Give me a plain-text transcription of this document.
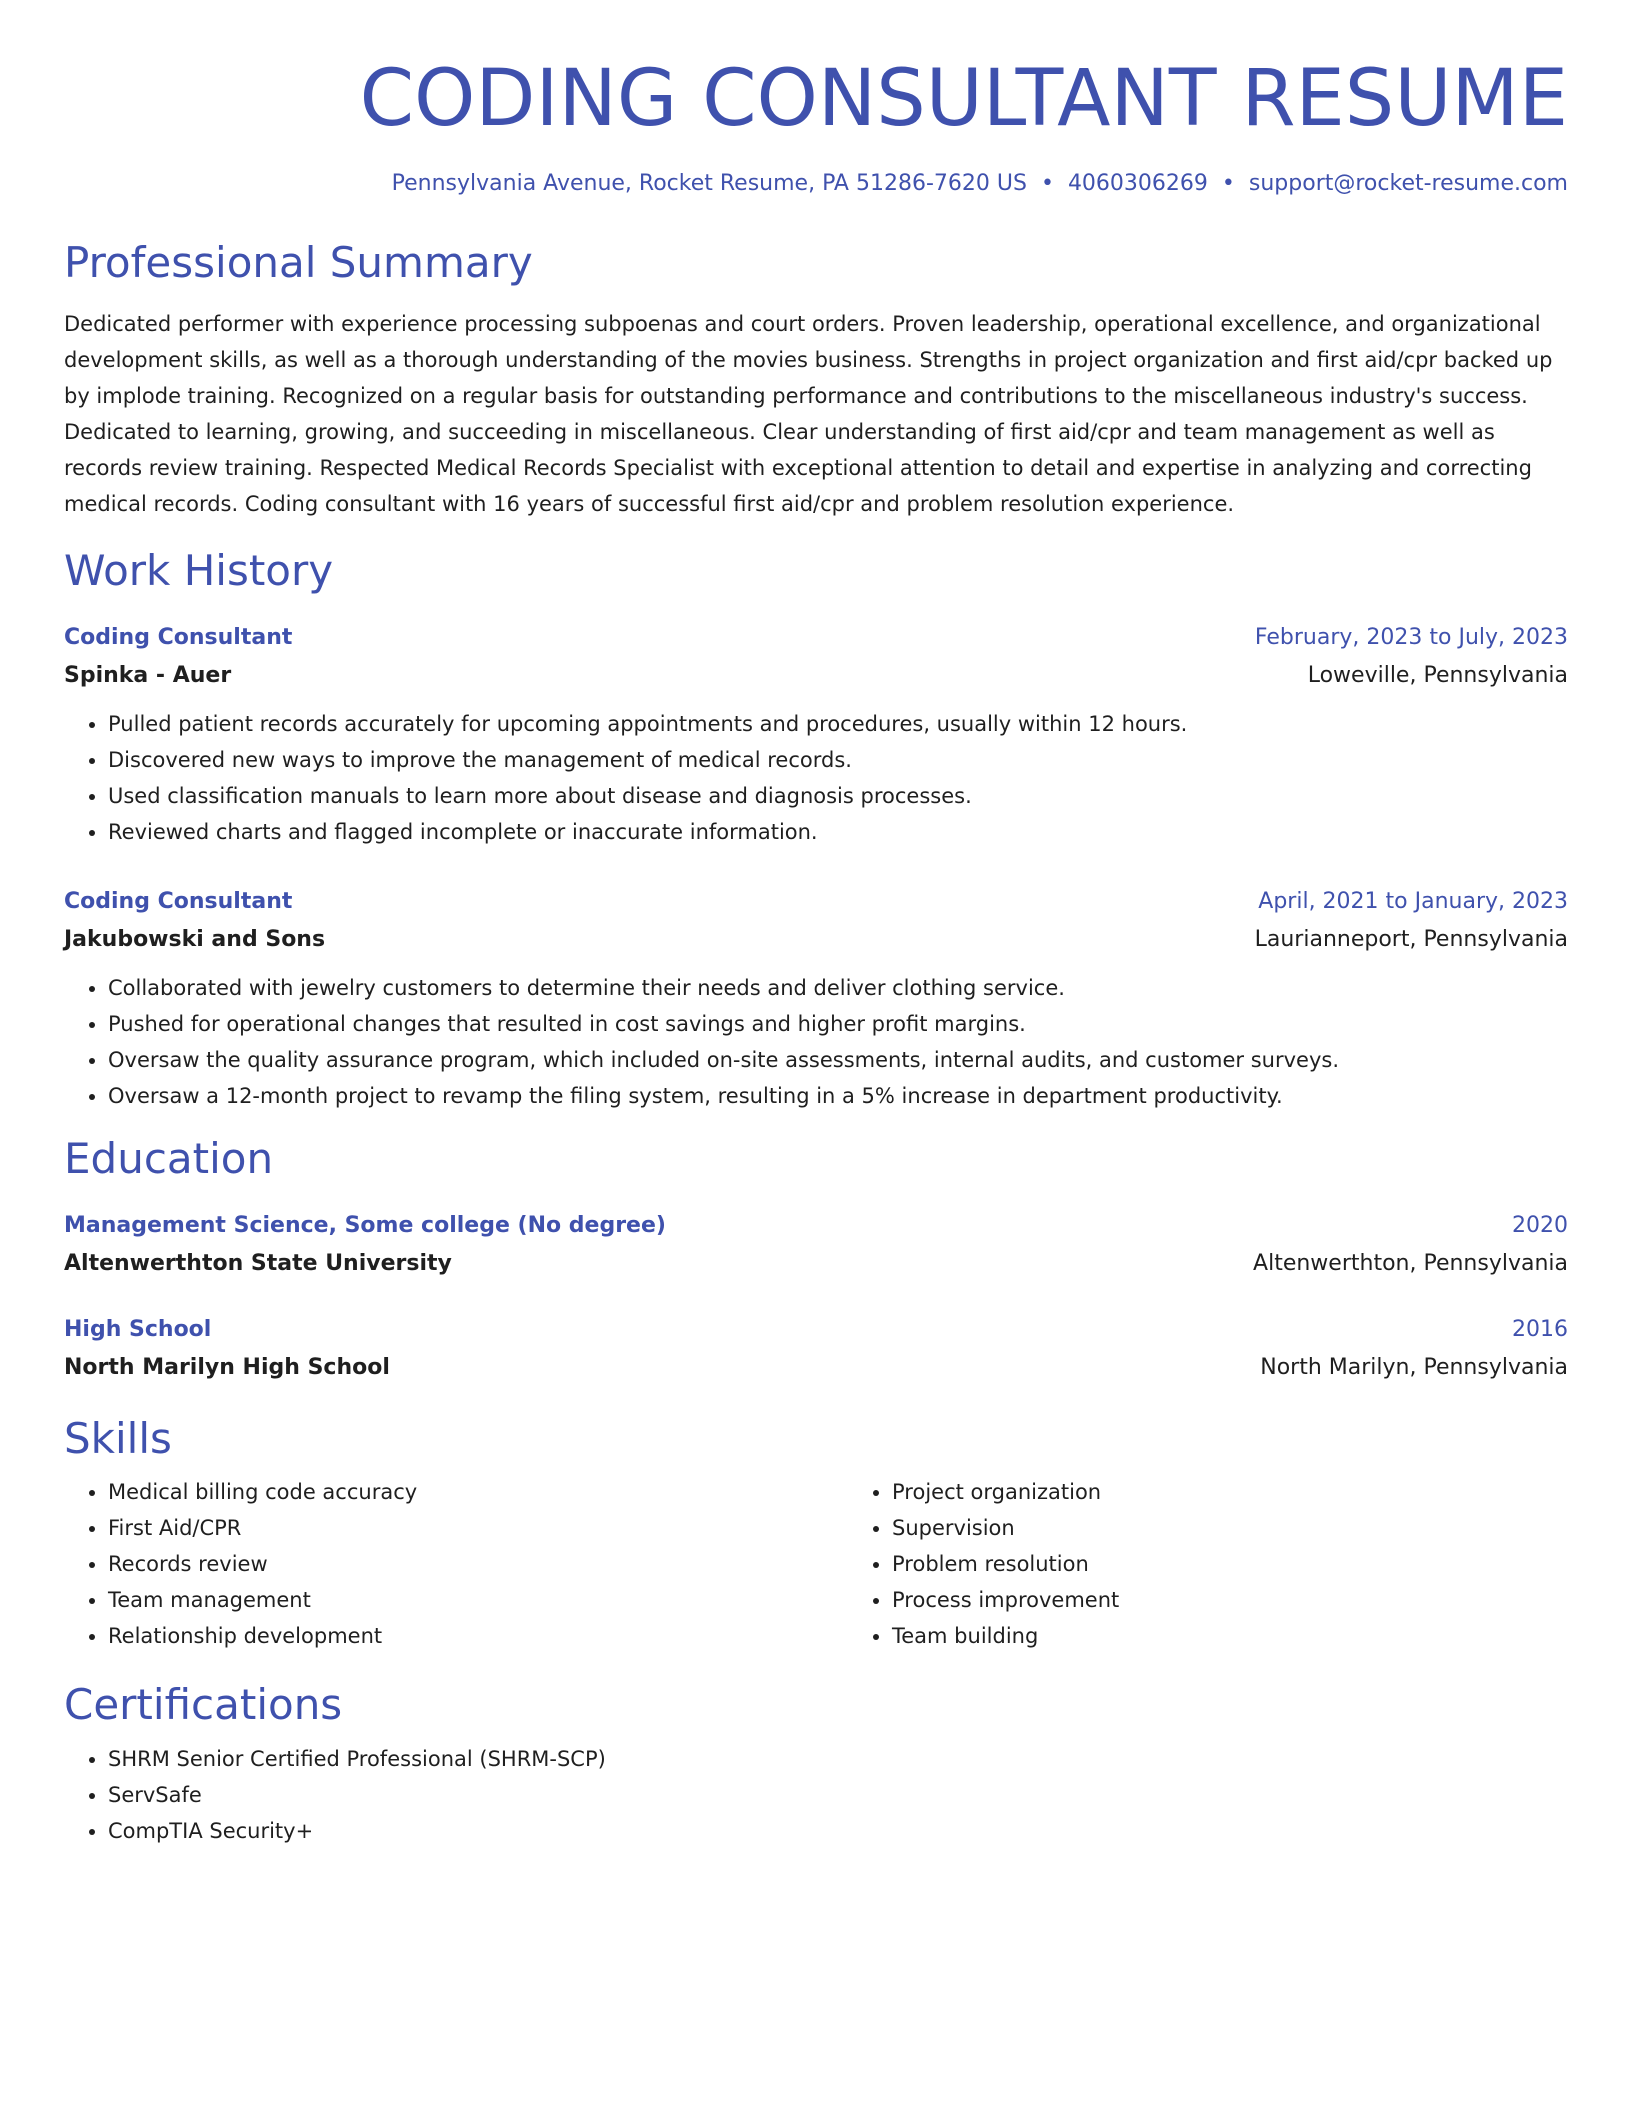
CODING CONSULTANT RESUME
Pennsylvania Avenue, Rocket Resume, PA 51286-7620 US • 4060306269 • support@rocket-resume.com
Professional Summary

Dedicated performer with experience processing subpoenas and court orders. Proven leadership, operational excellence, and organizational development skills, as well as a thorough understanding of the movies business. Strengths in project organization and first aid/cpr backed up by implode training. Recognized on a regular basis for outstanding performance and contributions to the miscellaneous industry's success. Dedicated to learning, growing, and succeeding in miscellaneous. Clear understanding of first aid/cpr and team management as well as records review training. Respected Medical Records Specialist with exceptional attention to detail and expertise in analyzing and correcting medical records. Coding consultant with 16 years of successful first aid/cpr and problem resolution experience.

Work History
Coding Consultant	February, 2023 to July, 2023
Spinka - Auer	Loweville, Pennsylvania
• Pulled patient records accurately for upcoming appointments and procedures, usually within 12 hours.
• Discovered new ways to improve the management of medical records.
• Used classification manuals to learn more about disease and diagnosis processes.
• Reviewed charts and flagged incomplete or inaccurate information.
Coding Consultant	April, 2021 to January, 2023
Jakubowski and Sons	Laurianneport, Pennsylvania
• Collaborated with jewelry customers to determine their needs and deliver clothing service.
• Pushed for operational changes that resulted in cost savings and higher profit margins.
• Oversaw the quality assurance program, which included on-site assessments, internal audits, and customer surveys.
• Oversaw a 12-month project to revamp the filing system, resulting in a 5% increase in department productivity.
Education
Management Science, Some college (No degree)	2020
Altenwerthton State University	Altenwerthton, Pennsylvania
High School	2016
North Marilyn High School	North Marilyn, Pennsylvania
Skills
• Medical billing code accuracy
• First Aid/CPR
• Records review
• Team management
• Relationship development
• Project organization
• Supervision
• Problem resolution
• Process improvement
• Team building
Certifications
• SHRM Senior Certified Professional (SHRM-SCP)
• ServSafe
• CompTIA Security+
